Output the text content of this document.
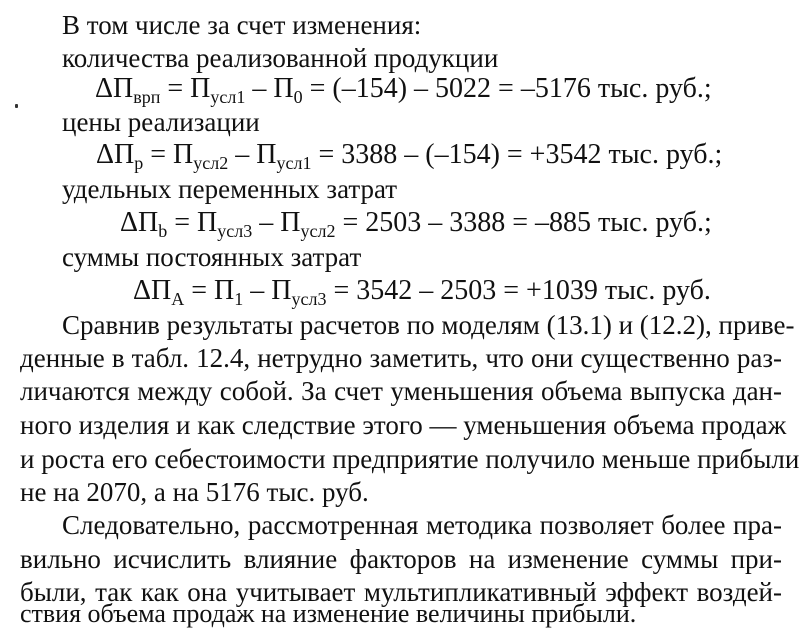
В том числе за счет изменения:
количества реализованной продукции
$\Delta П_{врп} = П_{усл1} - П_0 = (-154) - 5022 = -5176$ тыс. руб.;
цены реализации
$\Delta П_p = П_{усл2} - П_{усл1} = 3388 - (-154) = +3542$ тыс. руб.;
удельных переменных затрат
$\Delta П_b = П_{усл3} - П_{усл2} = 2503 - 3388 = -885$ тыс. руб.;
суммы постоянных затрат
$\Delta П_A = П_1 - П_{усл3} = 3542 - 2503 = +1039$ тыс. руб.
Сравнив результаты расчетов по моделям (13.1) и (12.2), приве-
денные в табл. 12.4, нетрудно заметить, что они существенно раз-
личаются между собой. За счет уменьшения объема выпуска дан-
ного изделия и как следствие этого — уменьшения объема продаж
и роста его себестоимости предприятие получило меньше прибыли
не на 2070, а на 5176 тыс. руб.
Следовательно, рассмотренная методика позволяет более пра-
вильно исчислить влияние факторов на изменение суммы при-
были, так как она учитывает мультипликативный эффект воздей-
ствия объема продаж на изменение величины прибыли.
